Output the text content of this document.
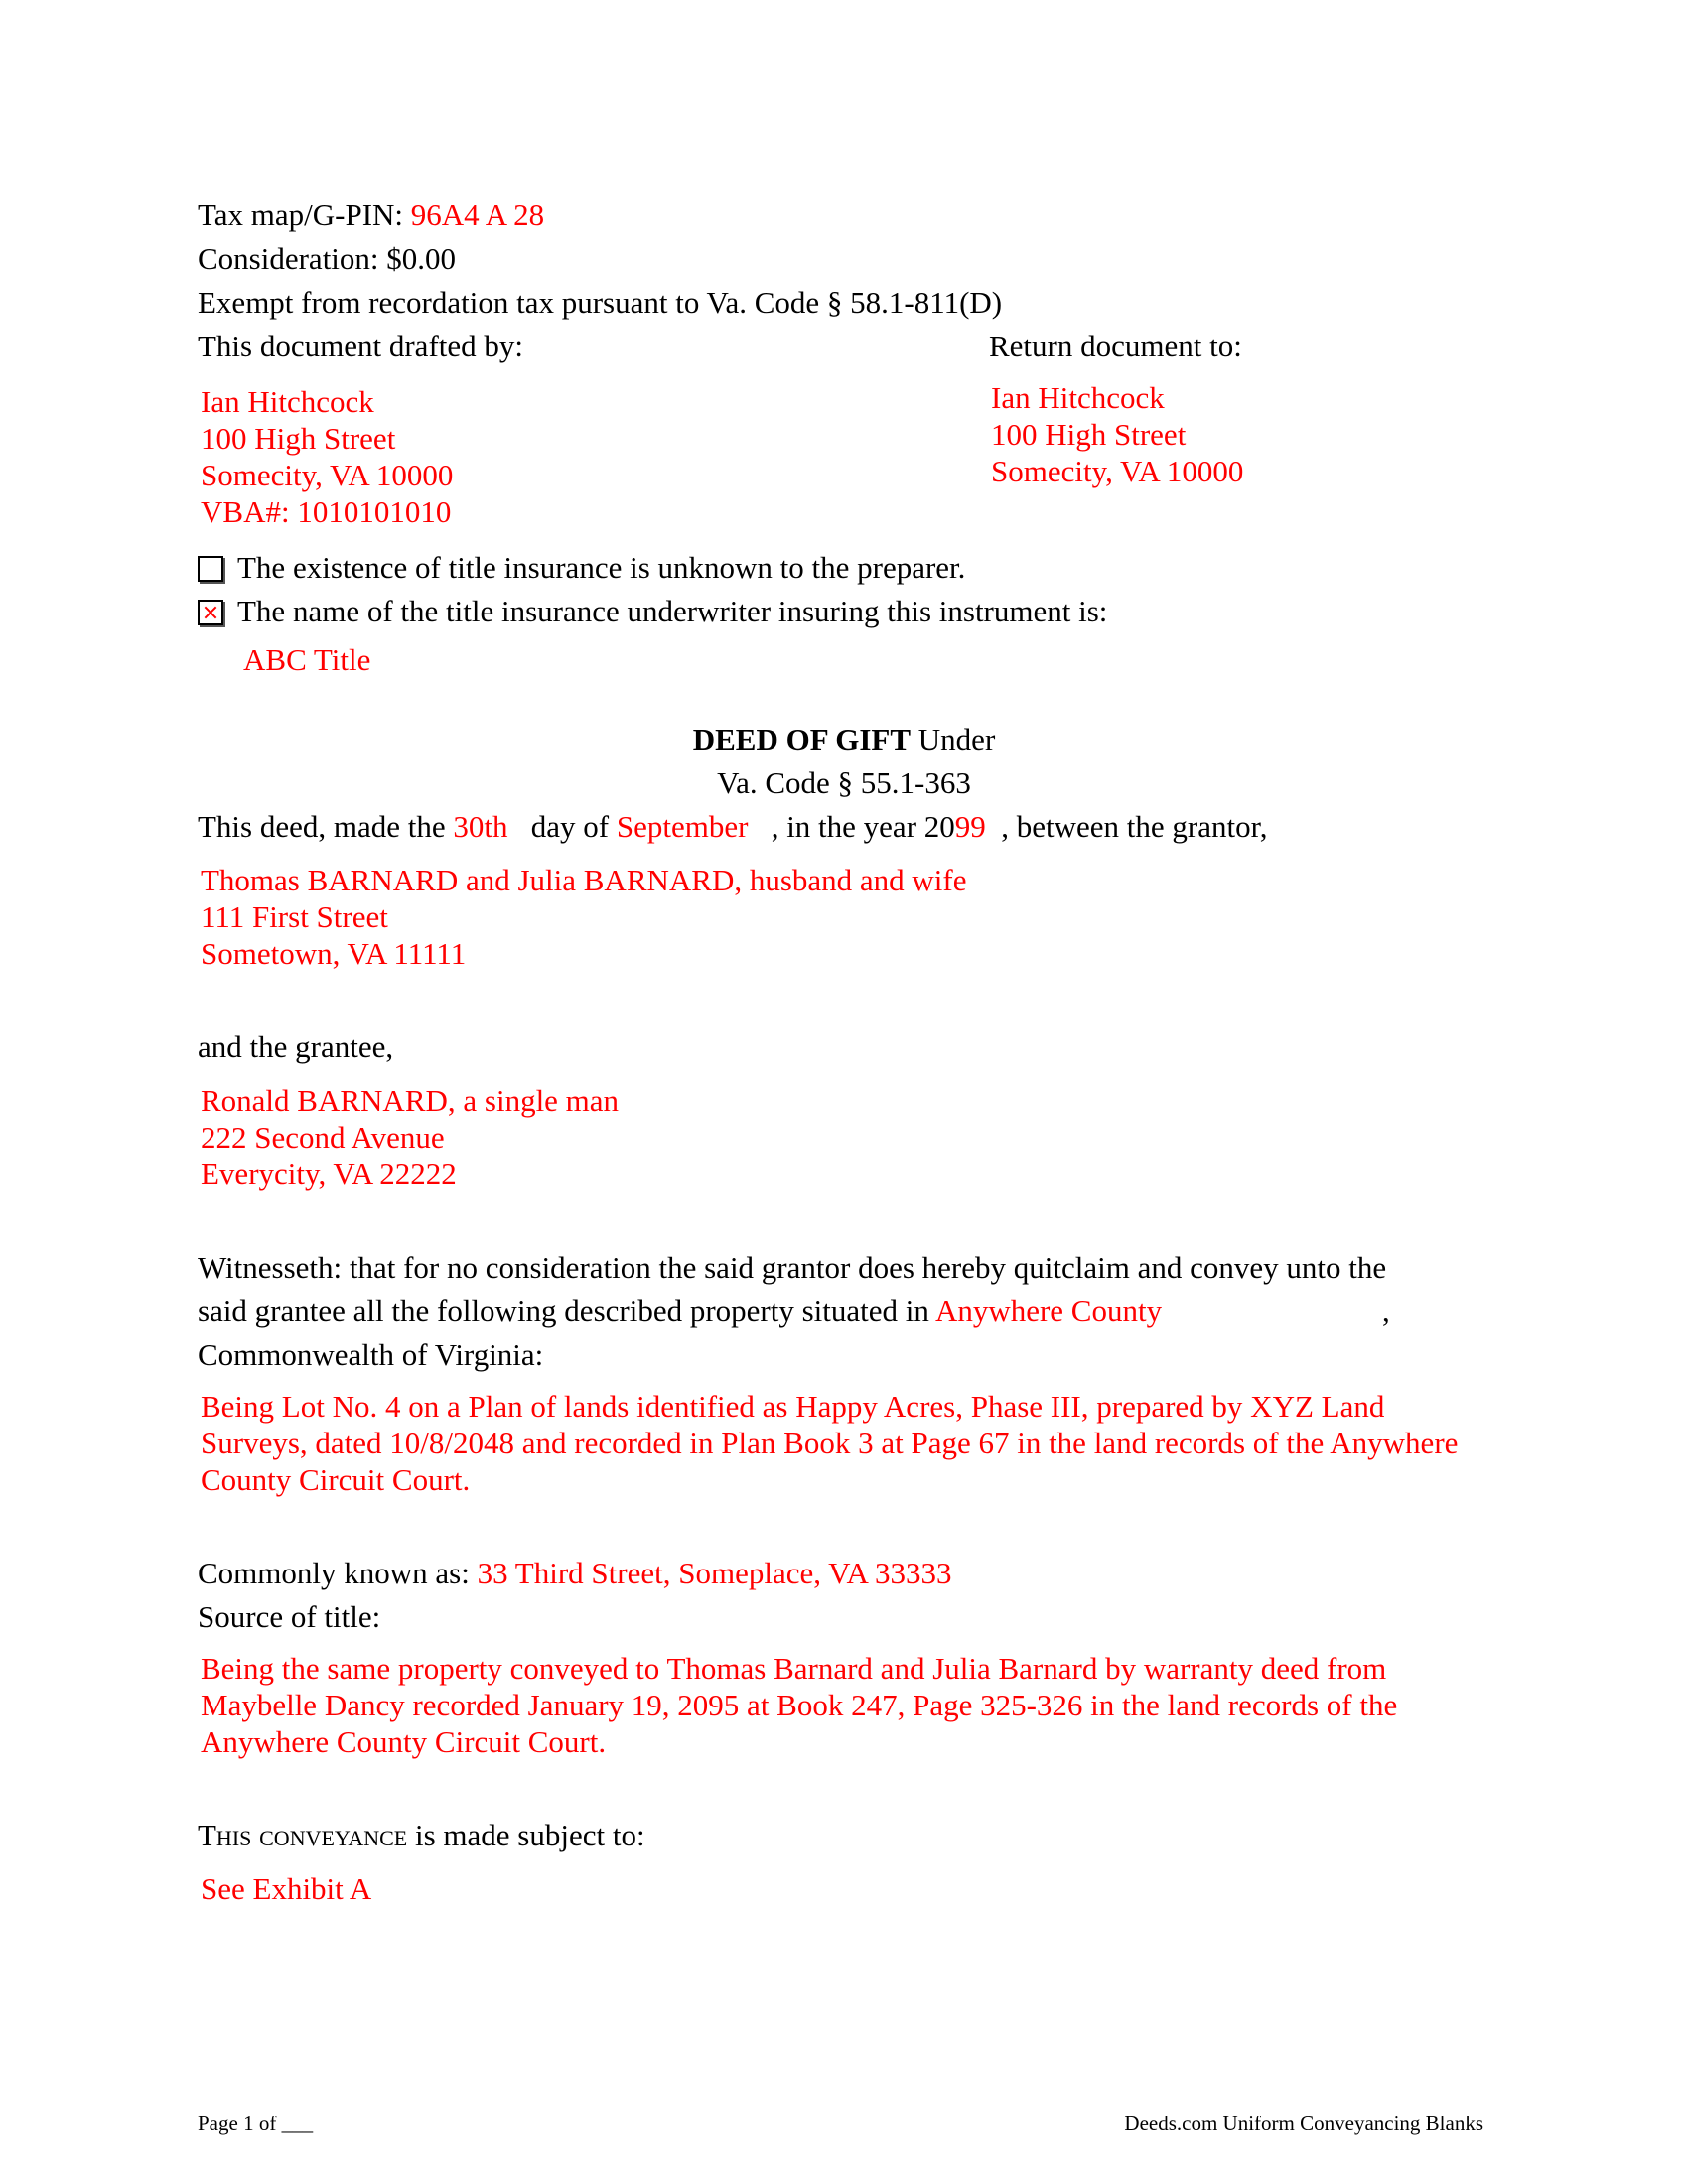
Tax map/G-PIN: 96A4 A 28
Consideration: $0.00
Exempt from recordation tax pursuant to Va. Code § 58.1-811(D)
This document drafted by:	Return document to:
Ian Hitchcock
100 High Street
Somecity, VA 10000
VBA#: 1010101010
Ian Hitchcock
100 High Street
Somecity, VA 10000
The existence of title insurance is unknown to the preparer.
The name of the title insurance underwriter insuring this instrument is:
ABC Title
DEED OF GIFT Under
Va. Code § 55.1-363
This deed, made the 30th day of September , in the year 2099 , between the grantor,
Thomas BARNARD and Julia BARNARD, husband and wife
111 First Street
Sometown, VA 11111
and the grantee,
Ronald BARNARD, a single man
222 Second Avenue
Everycity, VA 22222
Witnesseth: that for no consideration the said grantor does hereby quitclaim and convey unto the
said grantee all the following described property situated in Anywhere County	,
Commonwealth of Virginia:
Being Lot No. 4 on a Plan of lands identified as Happy Acres, Phase III, prepared by XYZ Land Surveys, dated 10/8/2048 and recorded in Plan Book 3 at Page 67 in the land records of the Anywhere County Circuit Court.
Commonly known as: 33 Third Street, Someplace, VA 33333
Source of title:
Being the same property conveyed to Thomas Barnard and Julia Barnard by warranty deed from Maybelle Dancy recorded January 19, 2095 at Book 247, Page 325-326 in the land records of the Anywhere County Circuit Court.
This conveyance is made subject to:
See Exhibit A
Page 1 of ___	Deeds.com Uniform Conveyancing Blanks
